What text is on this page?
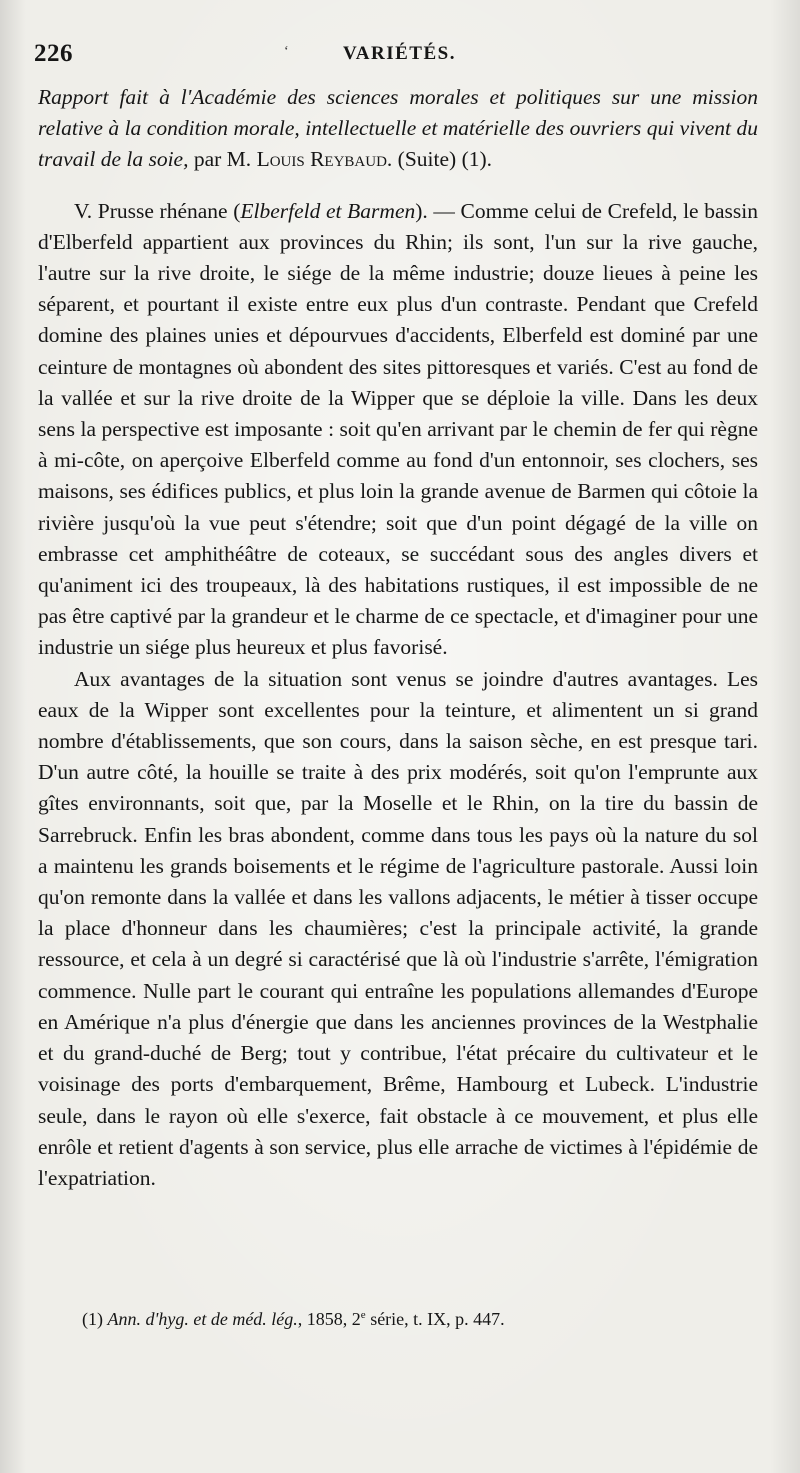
226	‘	VARIÉTÉS.

Rapport fait à l'Académie des sciences morales et politiques sur une mission relative à la condition morale, intellectuelle et matérielle des ouvriers qui vivent du travail de la soie, par M. Louis Reybaud. (Suite) (1).

V. Prusse rhénane (Elberfeld et Barmen). — Comme celui de Crefeld, le bassin d'Elberfeld appartient aux provinces du Rhin; ils sont, l'un sur la rive gauche, l'autre sur la rive droite, le siége de la même industrie; douze lieues à peine les séparent, et pourtant il existe entre eux plus d'un contraste. Pendant que Crefeld domine des plaines unies et dépourvues d'accidents, Elberfeld est dominé par une ceinture de montagnes où abondent des sites pittoresques et variés. C'est au fond de la vallée et sur la rive droite de la Wipper que se déploie la ville. Dans les deux sens la perspective est imposante : soit qu'en arrivant par le chemin de fer qui règne à mi-côte, on aperçoive Elberfeld comme au fond d'un entonnoir, ses clochers, ses maisons, ses édifices publics, et plus loin la grande avenue de Barmen qui côtoie la rivière jusqu'où la vue peut s'étendre; soit que d'un point dégagé de la ville on embrasse cet amphithéâtre de coteaux, se succédant sous des angles divers et qu'animent ici des troupeaux, là des habitations rustiques, il est impossible de ne pas être captivé par la grandeur et le charme de ce spectacle, et d'imaginer pour une industrie un siége plus heureux et plus favorisé.

Aux avantages de la situation sont venus se joindre d'autres avantages. Les eaux de la Wipper sont excellentes pour la teinture, et alimentent un si grand nombre d'établissements, que son cours, dans la saison sèche, en est presque tari. D'un autre côté, la houille se traite à des prix modérés, soit qu'on l'emprunte aux gîtes environnants, soit que, par la Moselle et le Rhin, on la tire du bassin de Sarrebruck. Enfin les bras abondent, comme dans tous les pays où la nature du sol a maintenu les grands boisements et le régime de l'agriculture pastorale. Aussi loin qu'on remonte dans la vallée et dans les vallons adjacents, le métier à tisser occupe la place d'honneur dans les chaumières; c'est la principale activité, la grande ressource, et cela à un degré si caractérisé que là où l'industrie s'arrête, l'émigration commence. Nulle part le courant qui entraîne les populations allemandes d'Europe en Amérique n'a plus d'énergie que dans les anciennes provinces de la Westphalie et du grand-duché de Berg; tout y contribue, l'état précaire du cultivateur et le voisinage des ports d'embarquement, Brême, Hambourg et Lubeck. L'industrie seule, dans le rayon où elle s'exerce, fait obstacle à ce mouvement, et plus elle enrôle et retient d'agents à son service, plus elle arrache de victimes à l'épidémie de l'expatriation.

(1) Ann. d'hyg. et de méd. lég., 1858, 2e série, t. IX, p. 447.
